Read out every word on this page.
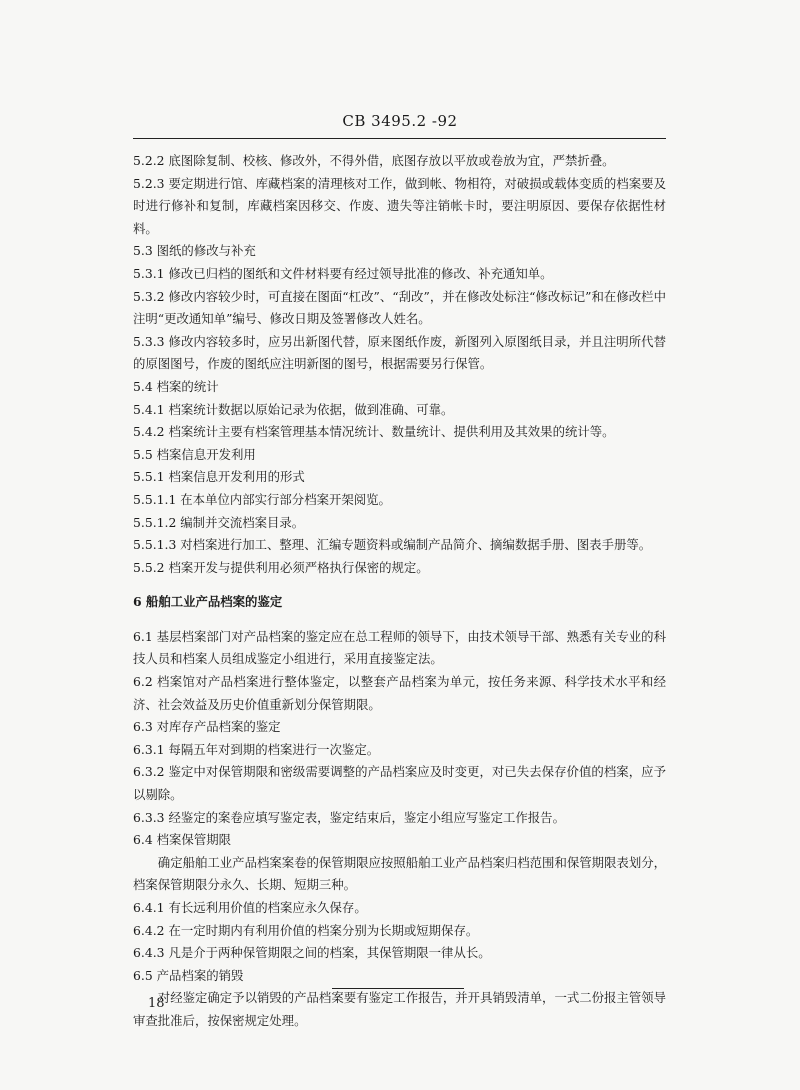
CB 3495.2 -92

5.2.2 底图除复制、校核、修改外，不得外借，底图存放以平放或卷放为宜，严禁折叠。

5.2.3 要定期进行馆、库藏档案的清理核对工作，做到帐、物相符，对破损或载体变质的档案要及时进行修补和复制，库藏档案因移交、作废、遗失等注销帐卡时，要注明原因、要保存依据性材料。

5.3 图纸的修改与补充

5.3.1 修改已归档的图纸和文件材料要有经过领导批准的修改、补充通知单。

5.3.2 修改内容较少时，可直接在图面“杠改”、“刮改”，并在修改处标注“修改标记”和在修改栏中注明“更改通知单”编号、修改日期及签署修改人姓名。

5.3.3 修改内容较多时，应另出新图代替，原来图纸作废，新图列入原图纸目录，并且注明所代替的原图图号，作废的图纸应注明新图的图号，根据需要另行保管。

5.4 档案的统计

5.4.1 档案统计数据以原始记录为依据，做到准确、可靠。

5.4.2 档案统计主要有档案管理基本情况统计、数量统计、提供利用及其效果的统计等。

5.5 档案信息开发利用

5.5.1 档案信息开发利用的形式

5.5.1.1 在本单位内部实行部分档案开架阅览。

5.5.1.2 编制并交流档案目录。

5.5.1.3 对档案进行加工、整理、汇编专题资料或编制产品简介、摘编数据手册、图表手册等。

5.5.2 档案开发与提供利用必须严格执行保密的规定。

6 船舶工业产品档案的鉴定

6.1 基层档案部门对产品档案的鉴定应在总工程师的领导下，由技术领导干部、熟悉有关专业的科技人员和档案人员组成鉴定小组进行，采用直接鉴定法。

6.2 档案馆对产品档案进行整体鉴定，以整套产品档案为单元，按任务来源、科学技术水平和经济、社会效益及历史价值重新划分保管期限。

6.3 对库存产品档案的鉴定

6.3.1 每隔五年对到期的档案进行一次鉴定。

6.3.2 鉴定中对保管期限和密级需要调整的产品档案应及时变更，对已失去保存价值的档案，应予以剔除。

6.3.3 经鉴定的案卷应填写鉴定表，鉴定结束后，鉴定小组应写鉴定工作报告。

6.4 档案保管期限

确定船舶工业产品档案案卷的保管期限应按照船舶工业产品档案归档范围和保管期限表划分，档案保管期限分永久、长期、短期三种。

6.4.1 有长远利用价值的档案应永久保存。

6.4.2 在一定时期内有利用价值的档案分别为长期或短期保存。

6.4.3 凡是介于两种保管期限之间的档案，其保管期限一律从长。

6.5 产品档案的销毁

对经鉴定确定予以销毁的产品档案要有鉴定工作报告，并开具销毁清单，一式二份报主管领导审查批准后，按保密规定处理。

18
